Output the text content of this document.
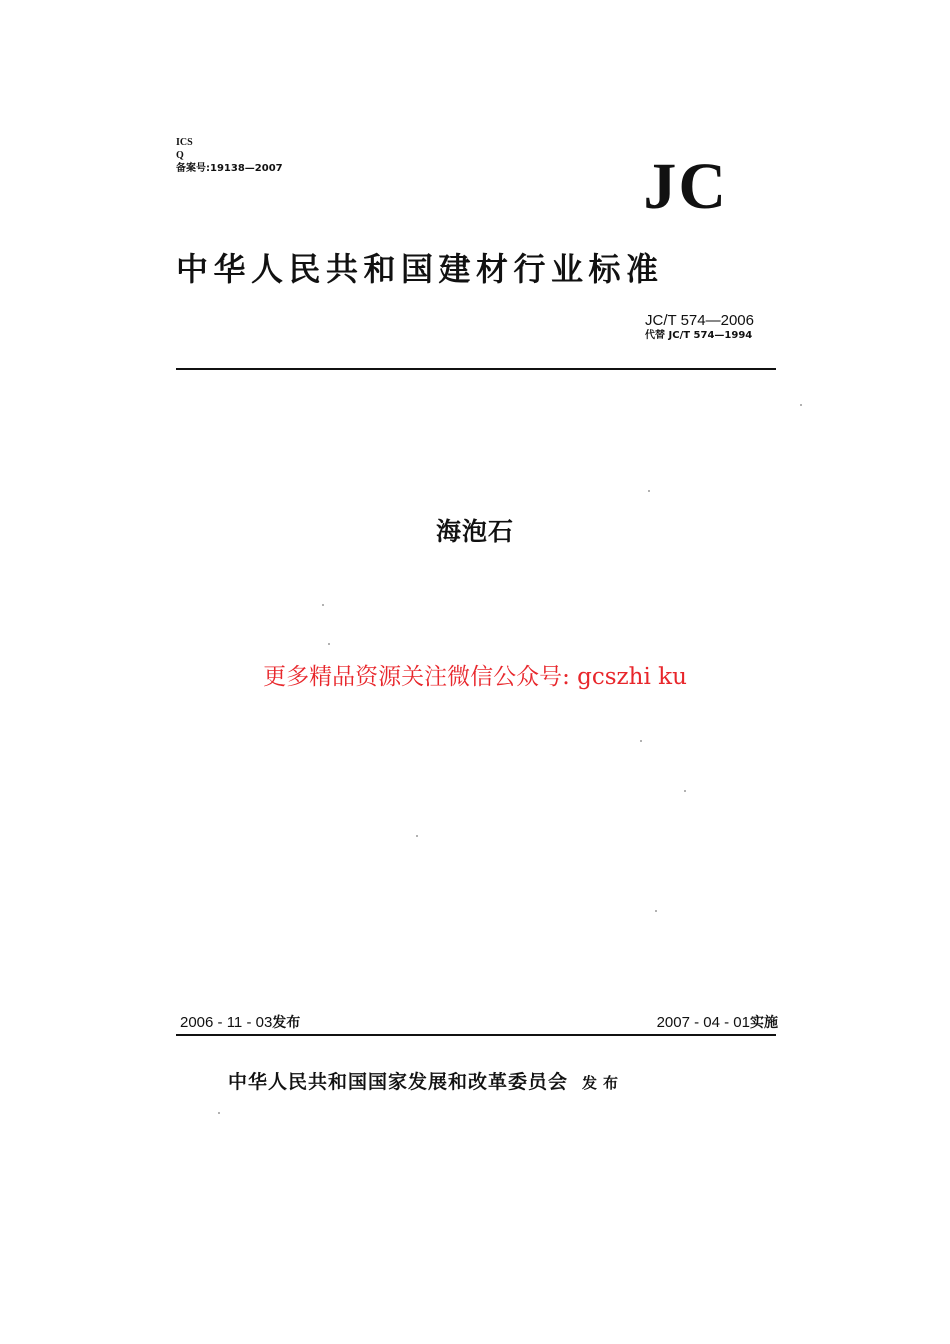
ICS
Q
备案号:19138—2007	JC
中华人民共和国建材行业标准
JC/T 574—2006
代替 JC/T 574—1994
海泡石
更多精品资源关注微信公众号: gcszhi ku
2006 - 11 - 03发布	2007 - 04 - 01实施
中华人民共和国国家发展和改革委员会 发布
